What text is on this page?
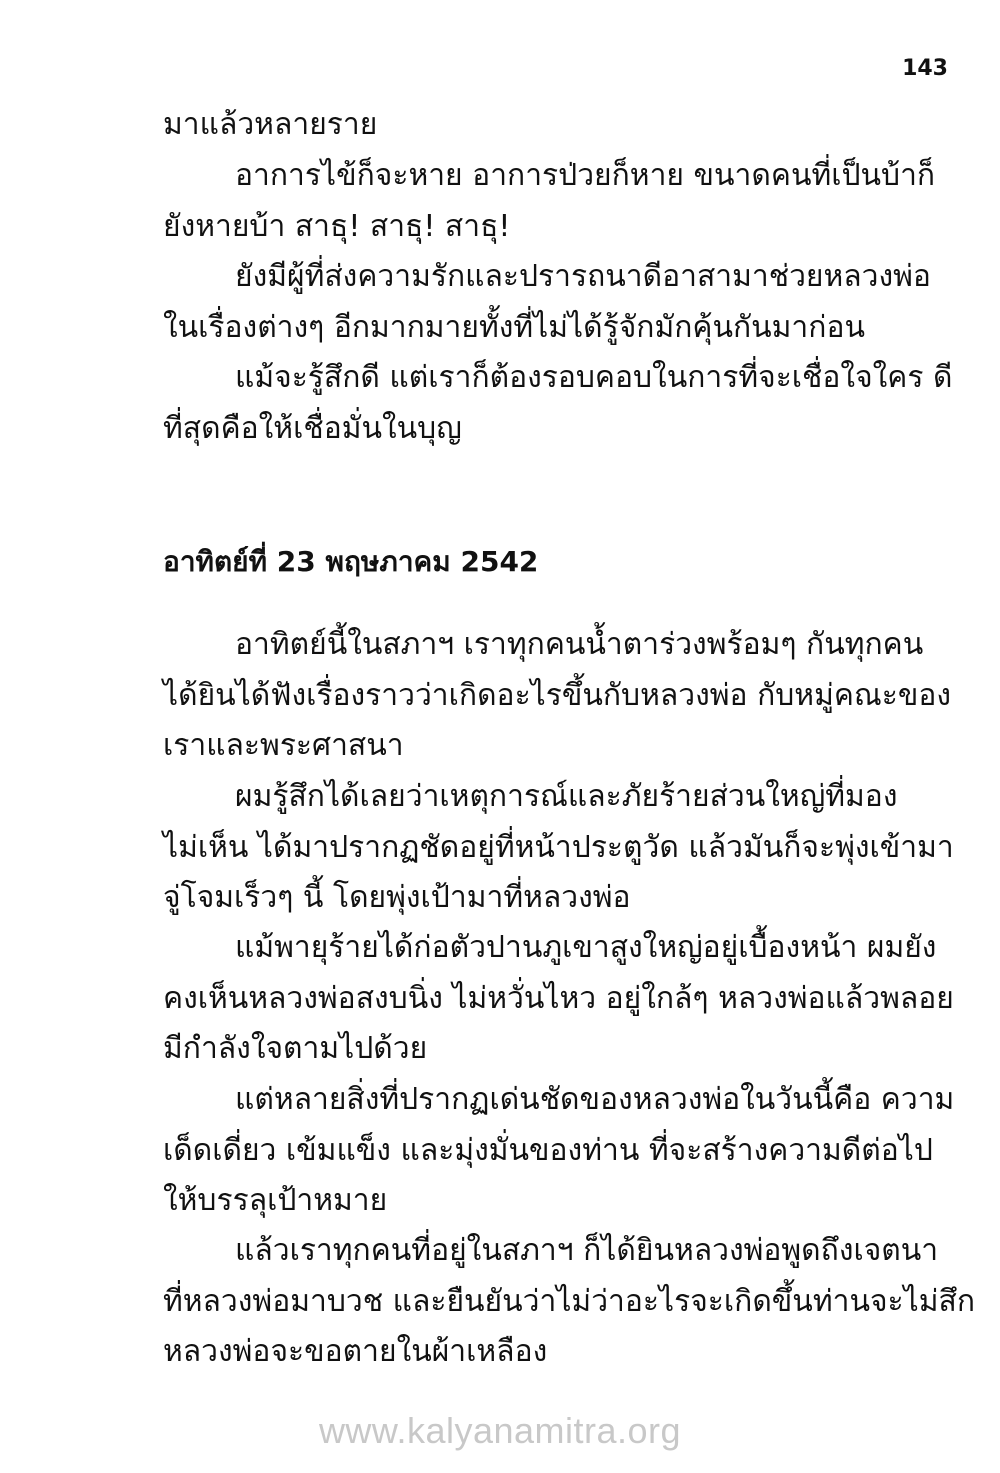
143
มาแล้วหลายราย
อาการไข้ก็จะหาย อาการป่วยก็หาย ขนาดคนที่เป็นบ้าก็
ยังหายบ้า สาธุ! สาธุ! สาธุ!
ยังมีผู้ที่ส่งความรักและปรารถนาดีอาสามาช่วยหลวงพ่อ
ในเรื่องต่างๆ อีกมากมายทั้งที่ไม่ได้รู้จักมักคุ้นกันมาก่อน
แม้จะรู้สึกดี แต่เราก็ต้องรอบคอบในการที่จะเชื่อใจใคร ดี
ที่สุดคือให้เชื่อมั่นในบุญ
อาทิตย์ที่ 23 พฤษภาคม 2542
อาทิตย์นี้ในสภาฯ เราทุกคนน้ำตาร่วงพร้อมๆ กันทุกคน
ได้ยินได้ฟังเรื่องราวว่าเกิดอะไรขึ้นกับหลวงพ่อ กับหมู่คณะของ
เราและพระศาสนา
ผมรู้สึกได้เลยว่าเหตุการณ์และภัยร้ายส่วนใหญ่ที่มอง
ไม่เห็น ได้มาปรากฏชัดอยู่ที่หน้าประตูวัด แล้วมันก็จะพุ่งเข้ามา
จู่โจมเร็วๆ นี้ โดยพุ่งเป้ามาที่หลวงพ่อ
แม้พายุร้ายได้ก่อตัวปานภูเขาสูงใหญ่อยู่เบื้องหน้า ผมยัง
คงเห็นหลวงพ่อสงบนิ่ง ไม่หวั่นไหว อยู่ใกล้ๆ หลวงพ่อแล้วพลอย
มีกำลังใจตามไปด้วย
แต่หลายสิ่งที่ปรากฏเด่นชัดของหลวงพ่อในวันนี้คือ ความ
เด็ดเดี่ยว เข้มแข็ง และมุ่งมั่นของท่าน ที่จะสร้างความดีต่อไป
ให้บรรลุเป้าหมาย
แล้วเราทุกคนที่อยู่ในสภาฯ ก็ได้ยินหลวงพ่อพูดถึงเจตนา
ที่หลวงพ่อมาบวช และยืนยันว่าไม่ว่าอะไรจะเกิดขึ้นท่านจะไม่สึก
หลวงพ่อจะขอตายในผ้าเหลือง
www.kalyanamitra.org
